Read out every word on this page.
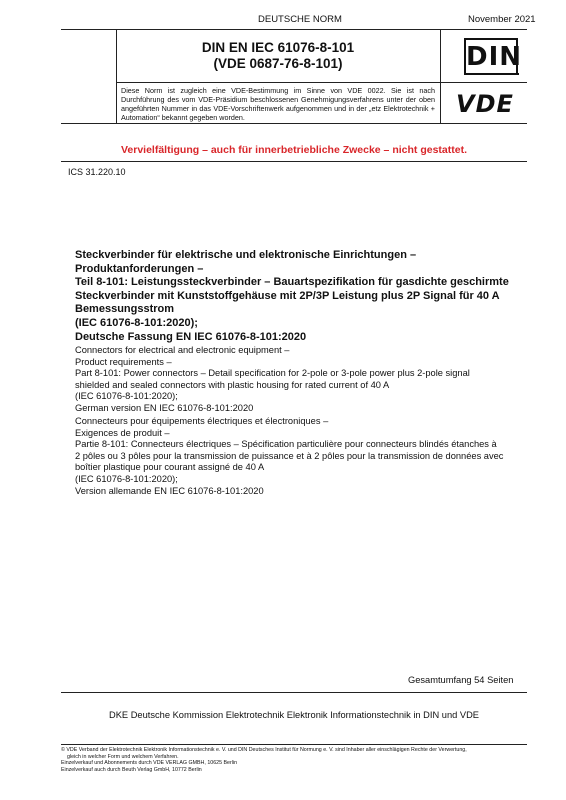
DEUTSCHE NORM	November 2021
DIN EN IEC 61076-8-101
(VDE 0687-76-8-101)	DIN
Diese Norm ist zugleich eine VDE-Bestimmung im Sinne von VDE 0022. Sie ist nach Durchführung des vom VDE-Präsidium beschlossenen Genehmigungsverfahrens unter der oben angeführten Nummer in das VDE-Vorschriftenwerk aufgenommen und in der „etz Elektrotechnik + Automation“ bekannt gegeben worden.	VDE
Vervielfältigung – auch für innerbetriebliche Zwecke – nicht gestattet.
ICS 31.220.10
Steckverbinder für elektrische und elektronische Einrichtungen –
Produktanforderungen –
Teil 8-101: Leistungssteckverbinder – Bauartspezifikation für gasdichte geschirmte
Steckverbinder mit Kunststoffgehäuse mit 2P/3P Leistung plus 2P Signal für 40 A
Bemessungsstrom
(IEC 61076-8-101:2020);
Deutsche Fassung EN IEC 61076-8-101:2020
Connectors for electrical and electronic equipment –
Product requirements –
Part 8-101: Power connectors – Detail specification for 2-pole or 3-pole power plus 2-pole signal
shielded and sealed connectors with plastic housing for rated current of 40 A
(IEC 61076-8-101:2020);
German version EN IEC 61076-8-101:2020
Connecteurs pour équipements électriques et électroniques –
Exigences de produit –
Partie 8-101: Connecteurs électriques – Spécification particulière pour connecteurs blindés étanches à
2 pôles ou 3 pôles pour la transmission de puissance et à 2 pôles pour la transmission de données avec
boîtier plastique pour courant assigné de 40 A
(IEC 61076-8-101:2020);
Version allemande EN IEC 61076-8-101:2020
Gesamtumfang 54 Seiten
DKE Deutsche Kommission Elektrotechnik Elektronik Informationstechnik in DIN und VDE
© VDE Verband der Elektrotechnik Elektronik Informationstechnik e. V. und DIN Deutsches Institut für Normung e. V. sind Inhaber aller einschlägigen Rechte der Verwertung,
gleich in welcher Form und welchem Verfahren.
Einzelverkauf und Abonnements durch VDE VERLAG GMBH, 10625 Berlin
Einzelverkauf auch durch Beuth Verlag GmbH, 10772 Berlin
